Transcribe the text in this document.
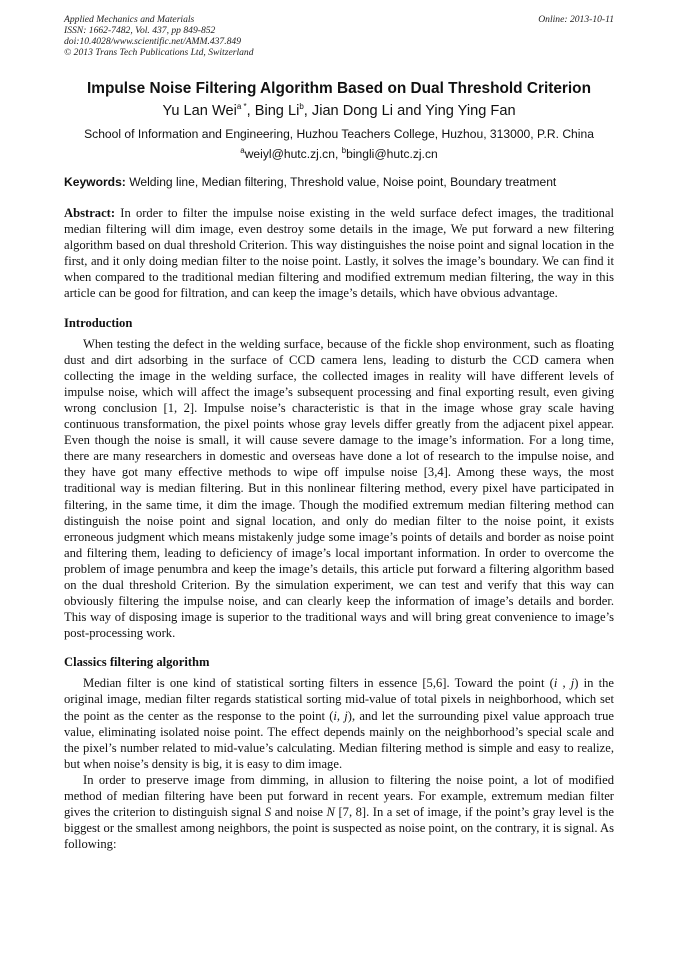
Applied Mechanics and Materials
ISSN: 1662-7482, Vol. 437, pp 849-852
doi:10.4028/www.scientific.net/AMM.437.849
© 2013 Trans Tech Publications Ltd, Switzerland
Online: 2013-10-11
Impulse Noise Filtering Algorithm Based on Dual Threshold Criterion
Yu Lan Wei$^{a *}$, Bing Li$^b$, Jian Dong Li and Ying Ying Fan
School of Information and Engineering, Huzhou Teachers College, Huzhou, 313000, P.R. China
$^a$weiyl@hutc.zj.cn, $^b$bingli@hutc.zj.cn
Keywords: Welding line, Median filtering, Threshold value, Noise point, Boundary treatment
Abstract: In order to filter the impulse noise existing in the weld surface defect images, the traditional median filtering will dim image, even destroy some details in the image, We put forward a new filtering algorithm based on dual threshold Criterion. This way distinguishes the noise point and signal location in the first, and it only doing median filter to the noise point. Lastly, it solves the image’s boundary. We can find it when compared to the traditional median filtering and modified extremum median filtering, the way in this article can be good for filtration, and can keep the image’s details, which have obvious advantage.
Introduction

When testing the defect in the welding surface, because of the fickle shop environment, such as floating dust and dirt adsorbing in the surface of CCD camera lens, leading to disturb the CCD camera when collecting the image in the welding surface, the collected images in reality will have different levels of impulse noise, which will affect the image’s subsequent processing and final exporting result, even giving wrong conclusion [1, 2]. Impulse noise’s characteristic is that in the image whose gray scale having continuous transformation, the pixel points whose gray levels differ greatly from the adjacent pixel appear. Even though the noise is small, it will cause severe damage to the image’s information. For a long time, there are many researchers in domestic and overseas have done a lot of research to the impulse noise, and they have got many effective methods to wipe off impulse noise [3,4]. Among these ways, the most traditional way is median filtering. But in this nonlinear filtering method, every pixel have participated in filtering, in the same time, it dim the image. Though the modified extremum median filtering method can distinguish the noise point and signal location, and only do median filter to the noise point, it exists erroneous judgment which means mistakenly judge some image’s points of details and border as noise point and filtering them, leading to deficiency of image’s local important information. In order to overcome the problem of image penumbra and keep the image’s details, this article put forward a filtering algorithm based on the dual threshold Criterion. By the simulation experiment, we can test and verify that this way can obviously filtering the impulse noise, and can clearly keep the information of image’s details and border. This way of disposing image is superior to the traditional ways and will bring great convenience to image’s post-processing work.

Classics filtering algorithm

Median filter is one kind of statistical sorting filters in essence [5,6]. Toward the point (i , j) in the original image, median filter regards statistical sorting mid-value of total pixels in neighborhood, which set the point as the center as the response to the point (i, j), and let the surrounding pixel value approach true value, eliminating isolated noise point. The effect depends mainly on the neighborhood’s special scale and the pixel’s number related to mid-value’s calculating. Median filtering method is simple and easy to realize, but when noise’s density is big, it is easy to dim image.

In order to preserve image from dimming, in allusion to filtering the noise point, a lot of modified method of median filtering have been put forward in recent years. For example, extremum median filter gives the criterion to distinguish signal S and noise N [7, 8]. In a set of image, if the point’s gray level is the biggest or the smallest among neighbors, the point is suspected as noise point, on the contrary, it is signal. As following:
